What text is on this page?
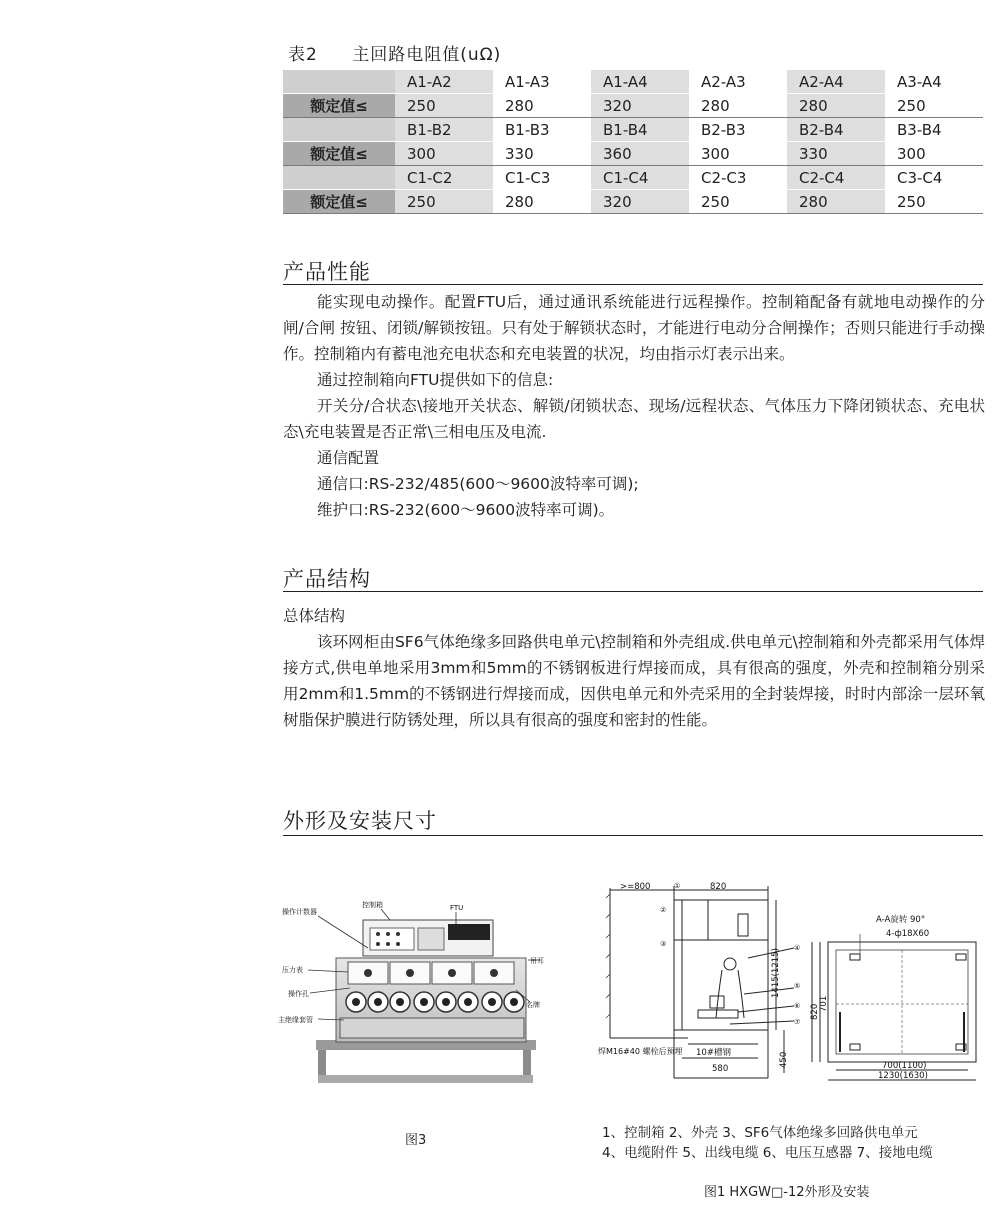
表2 主回路电阻值(uΩ)
	A1-A2	A1-A3	A1-A4	A2-A3	A2-A4	A3-A4
额定值≤	250	280	320	280	280	250
	B1-B2	B1-B3	B1-B4	B2-B3	B2-B4	B3-B4
额定值≤	300	330	360	300	330	300
	C1-C2	C1-C3	C1-C4	C2-C3	C2-C4	C3-C4
额定值≤	250	280	320	250	280	250
产品性能

能实现电动操作。配置FTU后，通过通讯系统能进行远程操作。控制箱配备有就地电动操作的分闸/合闸 按钮、闭锁/解锁按钮。只有处于解锁状态时，才能进行电动分合闸操作；否则只能进行手动操作。控制箱内有蓄电池充电状态和充电装置的状况，均由指示灯表示出来。

通过控制箱向FTU提供如下的信息:

开关分/合状态\接地开关状态、解锁/闭锁状态、现场/远程状态、气体压力下降闭锁状态、充电状态\充电装置是否正常\三相电压及电流.

通信配置

通信口:RS-232/485(600～9600波特率可调);

维护口:RS-232(600～9600波特率可调)。

产品结构

总体结构

该环网柜由SF6气体绝缘多回路供电单元\控制箱和外壳组成.供电单元\控制箱和外壳都采用气体焊接方式,供电单地采用3mm和5mm的不锈钢板进行焊接而成，具有很高的强度，外壳和控制箱分别采用2mm和1.5mm的不锈钢进行焊接而成，因供电单元和外壳采用的全封装焊接，时时内部涂一层环氧树脂保护膜进行防锈处理，所以具有很高的强度和密封的性能。

外形及安装尺寸
操作计数器
控制箱	FTU
压力表
操作孔
主绝缘套管
吊耳
名牌
图3
>=800	820
1415(1215)
450
580
10#槽钢
焊M16#40 螺栓后预埋
①
②
③	④
⑤
⑥
⑦
A-A旋转 90°
4-ф18X60
820 701
700(1100)
1230(1630)
1、控制箱 2、外壳 3、SF6气体绝缘多回路供电单元
4、电缆附件 5、出线电缆 6、电压互感器 7、接地电缆
图1 HXGW□-12外形及安装
